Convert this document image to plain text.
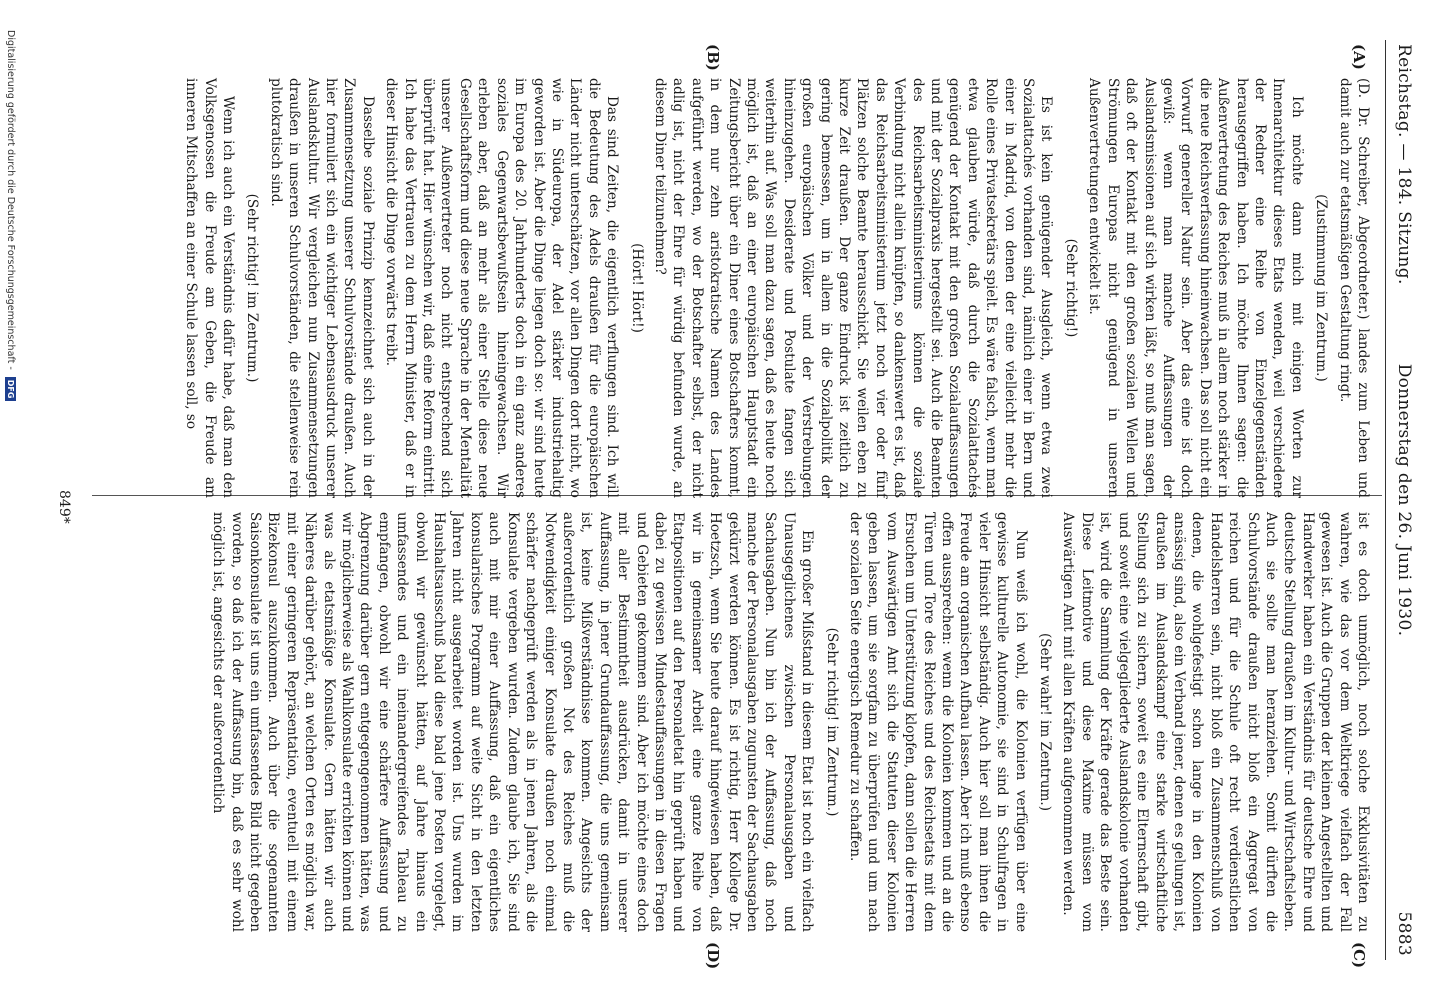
Reichstag. — 184. Sitzung.
Donnerstag den 26. Juni 1930.
5883
(A)
(B)
(C)
(D)

(D. Dr. Schreiber, Abgeordneter.) landes zum Leben und damit auch zur etatsmäßigen Gestaltung ringt.

(Zustimmung im Zentrum.)

Ich möchte dann mich mit einigen Worten zur Innenarchitektur dieses Etats wenden, weil verschiedene der Redner eine Reihe von Einzelgegenständen herausgegriffen haben. Ich möchte Ihnen sagen: die Außenvertretung des Reiches muß in allem noch stärker in die neue Reichsverfassung hineinwachsen. Das soll nicht ein Vorwurf genereller Natur sein. Aber das eine ist doch gewiß: wenn man manche Auffassungen der Auslandsmissionen auf sich wirken läßt, so muß man sagen, daß oft der Kontakt mit den großen sozialen Wellen und Strömungen Europas nicht genügend in unseren Außenvertretungen entwickelt ist.

(Sehr richtig!)

Es ist kein genügender Ausgleich, wenn etwa zwei Sozialattachés vorhanden sind, nämlich einer in Bern und einer in Madrid, von denen der eine vielleicht mehr die Rolle eines Privatsekretärs spielt. Es wäre falsch, wenn man etwa glauben würde, daß durch die Sozialattachés genügend der Kontakt mit den großen Sozialauffassungen und mit der Sozialpraxis hergestellt sei. Auch die Beamten des Reichsarbeitsministeriums können die soziale Verbindung nicht allein knüpfen, so dankenswert es ist, daß das Reichsarbeitsministerium jetzt noch vier oder fünf Plätzen solche Beamte herausschickt. Sie weilen eben zu kurze Zeit draußen. Der ganze Eindruck ist zeitlich zu gering bemessen, um in allem in die Sozialpolitik der großen europäischen Völker und der Verstrebungen hineinzugehen. Desiderate und Postulate fangen sich weiterhin auf. Was soll man dazu sagen, daß es heute noch möglich ist, daß an einer europäischen Hauptstadt ein Zeitungsbericht über ein Diner eines Botschafters kommt, in dem nur zehn aristokratische Namen des Landes aufgeführt werden, wo der Botschafter selbst, der nicht adlig ist, nicht der Ehre für würdig befunden wurde, an diesem Diner teilzunehmen?

(Hört! Hört!)

Das sind Zeiten, die eigentlich verflungen sind. Ich will die Bedeutung des Adels draußen für die europäischen Länder nicht unterschätzen, vor allen Dingen dort nicht, wo wie in Südeuropa, der Adel stärker industriehaltig geworden ist. Aber die Dinge liegen doch so: wir sind heute im Europa des 20. Jahrhunderts doch in ein ganz anderes soziales Gegenwartsbewußtsein hineingewachsen. Wir erleben aber, daß an mehr als einer Stelle diese neue Gesellschaftsform und diese neue Sprache in der Mentalität unserer Außenvertreter noch nicht entsprechend sich überprüft hat. Hier wünschen wir, daß eine Reform eintritt. Ich habe das Vertrauen zu dem Herrn Minister, daß er in dieser Hinsicht die Dinge vorwärts treibt.

Dasselbe soziale Prinzip kennzeichnet sich auch in der Zusammensetzung unserer Schulvorstände draußen. Auch hier formuliert sich ein wichtiger Lebensausdruck unserer Auslandskultur. Wir vergleichen nun Zusammensetzungen draußen in unseren Schulvorständen, die stellenweise rein plutokratisch sind.

(Sehr richtig! im Zentrum.)

Wenn ich auch ein Verständnis dafür habe, daß man den Volksgenossen die Freude am Geben, die Freude am inneren Mitschaffen an einer Schule lassen soll, so

ist es doch unmöglich, noch solche Exklusivitäten zu wahren, wie das vor dem Weltkriege vielfach der Fall gewesen ist. Auch die Gruppen der kleinen Angestellten und Handwerker haben ein Verständnis für deutsche Ehre und deutsche Stellung draußen im Kultur- und Wirtschaftsleben. Auch sie sollte man heranziehen. Somit dürften die Schulvorstände draußen nicht bloß ein Aggregat von reichen und für die Schule oft recht verdienstlichen Handelsherren sein, nicht bloß ein Zusammenschluß von denen, die wohlgefestigt schon lange in den Kolonien ansässig sind, also ein Verband jener, denen es gelungen ist, draußen im Auslandskampf eine starke wirtschaftliche Stellung sich zu sichern, soweit es eine Elternschaft gibt, und soweit eine vielgegliederte Auslandskolonie vorhanden ist, wird die Sammlung der Kräfte gerade das Beste sein. Diese Leitmotive und diese Maxime müssen vom Auswärtigen Amt mit allen Kräften aufgenommen werden.

(Sehr wahr! im Zentrum.)

Nun weiß ich wohl, die Kolonien verfügen über eine gewisse kulturelle Autonomie, sie sind in Schulfragen in vieler Hinsicht selbständig. Auch hier soll man ihnen die Freude am organischen Aufbau lassen. Aber ich muß ebenso offen aussprechen: wenn die Kolonien kommen und an die Türen und Tore des Reiches und des Reichsetats mit dem Ersuchen um Unterstützung klopfen, dann sollen die Herren vom Auswärtigen Amt sich die Statuten dieser Kolonien geben lassen, um sie sorgfam zu überprüfen und um nach der sozialen Seite energisch Remedur zu schaffen.

(Sehr richtig! im Zentrum.)

Ein großer Mißstand in diesem Etat ist noch ein vielfach Unausgeglichenes zwischen Personalausgaben und Sachausgaben. Nun bin ich der Auffassung, daß noch manche der Personalausgaben zugunsten der Sachausgaben gekürzt werden können. Es ist richtig, Herr Kollege Dr. Hoetzsch, wenn Sie heute darauf hingewiesen haben, daß wir in gemeinsamer Arbeit eine ganze Reihe von Etatpositionen auf den Personaletat hin geprüft haben und dabei zu gewissen Mindestauffassungen in diesen Fragen und Gebieten gekommen sind. Aber ich möchte eines doch mit aller Bestimmtheit ausdrücken, damit in unserer Auffassung, in jener Grundauffassung, die uns gemeinsam ist, keine Mißverständnisse kommen. Angesichts der außerordentlich großen Not des Reiches muß die Notwendigkeit einiger Konsulate draußen noch einmal schärfer nachgeprüft werden als in jenen Jahren, als die Konsulate vergeben wurden. Zudem glaube ich, Sie sind auch mit mir einer Auffassung, daß ein eigentliches konsularisches Programm auf weite Sicht in den letzten Jahren nicht ausgearbeitet worden ist. Uns wurden im Haushaltsausschuß bald diese bald jene Posten vorgelegt, obwohl wir gewünscht hätten, auf Jahre hinaus ein umfassendes und ein ineinandergreifendes Tableau zu empfangen, obwohl wir eine schärfere Auffassung und Abgrenzung darüber gern entgegengenommen hätten, was wir möglicherweise als Wahlkonsulate errichten können und was als etatsmäßige Konsulate. Gern hätten wir auch Näheres darüber gehört, an welchen Orten es möglich war, mit einer geringeren Repräsentation, eventuell mit einem Bizekonsul auszukommen. Auch über die sogenannten Saisonkonsulate ist uns ein umfassendes Bild nicht gegeben worden, so daß ich der Auffassung bin, daß es sehr wohl möglich ist, angesichts der außerordentlich

849*
Digitalisierung gefördert durch die Deutsche Forschungsgemeinschaft - DFG
